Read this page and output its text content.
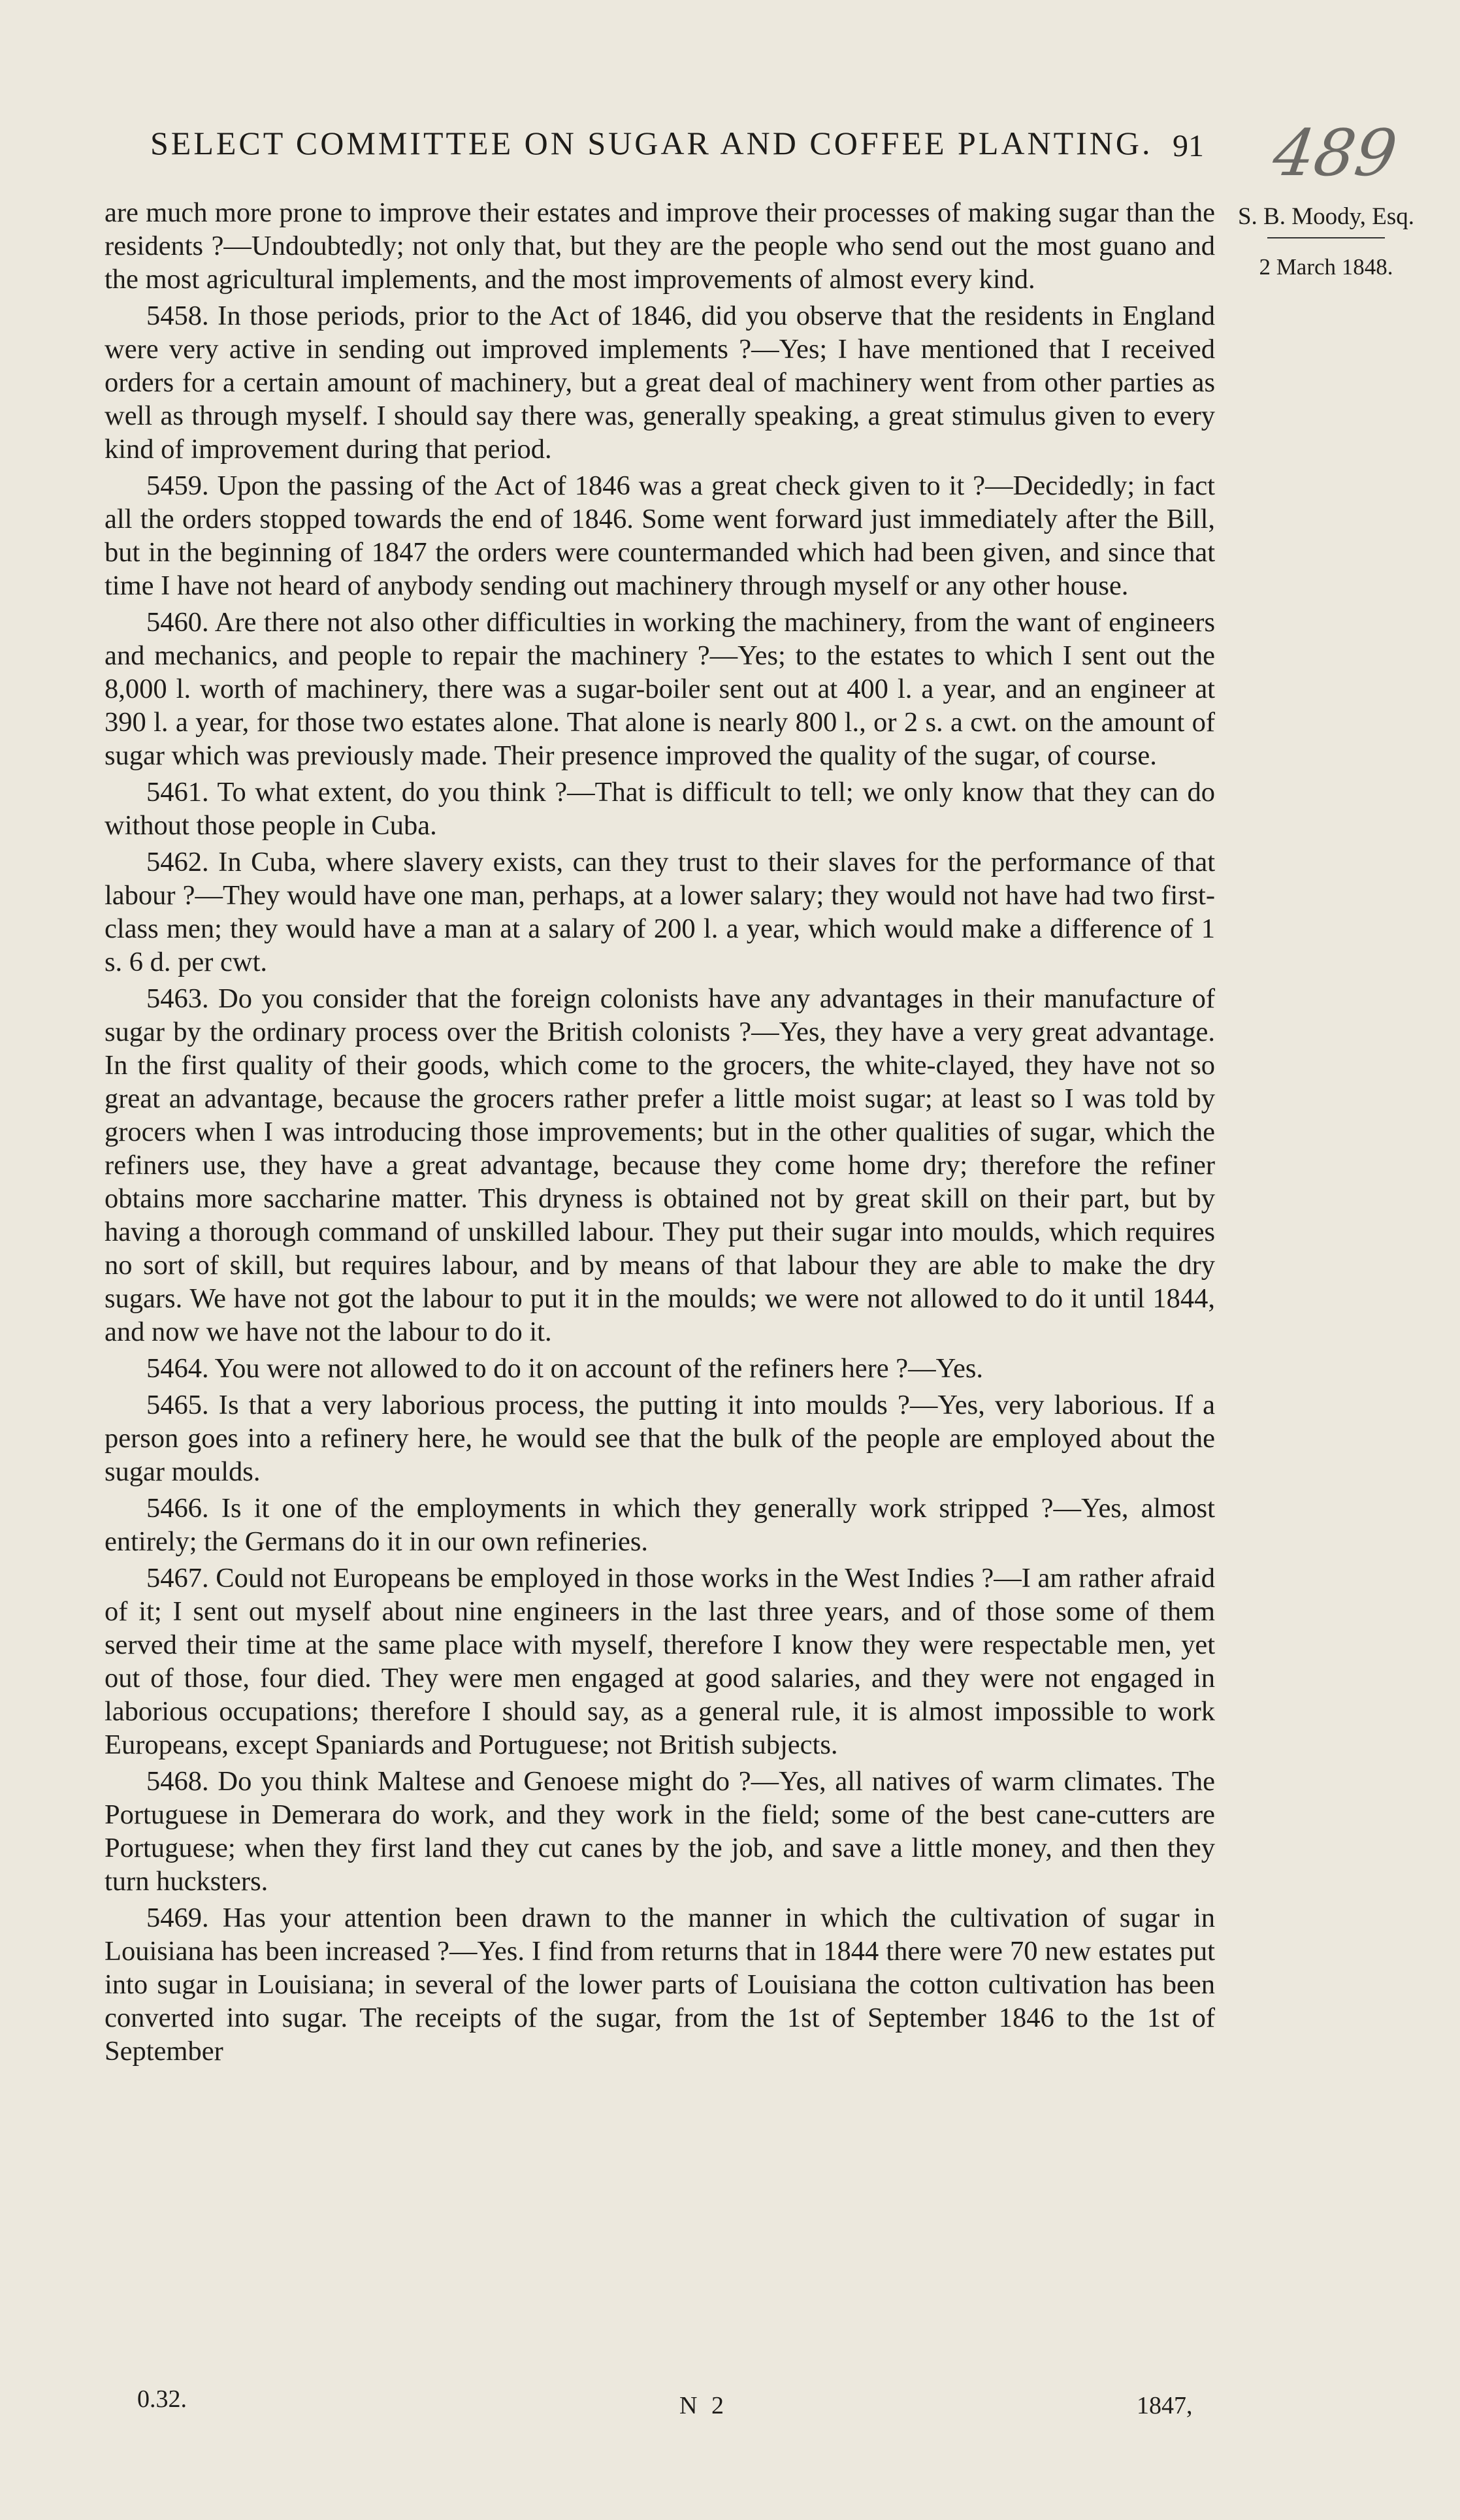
SELECT COMMITTEE ON SUGAR AND COFFEE PLANTING. 91 489
S. B. Moody, Esq.
2 March 1848.

are much more prone to improve their estates and improve their processes of making sugar than the residents ?—Undoubtedly; not only that, but they are the people who send out the most guano and the most agricultural implements, and the most improvements of almost every kind.

5458. In those periods, prior to the Act of 1846, did you observe that the residents in England were very active in sending out improved implements ?—Yes; I have mentioned that I received orders for a certain amount of machinery, but a great deal of machinery went from other parties as well as through myself. I should say there was, generally speaking, a great stimulus given to every kind of improvement during that period.

5459. Upon the passing of the Act of 1846 was a great check given to it ?—Decidedly; in fact all the orders stopped towards the end of 1846. Some went forward just immediately after the Bill, but in the beginning of 1847 the orders were countermanded which had been given, and since that time I have not heard of anybody sending out machinery through myself or any other house.

5460. Are there not also other difficulties in working the machinery, from the want of engineers and mechanics, and people to repair the machinery ?—Yes; to the estates to which I sent out the 8,000 l. worth of machinery, there was a sugar-boiler sent out at 400 l. a year, and an engineer at 390 l. a year, for those two estates alone. That alone is nearly 800 l., or 2 s. a cwt. on the amount of sugar which was previously made. Their presence improved the quality of the sugar, of course.

5461. To what extent, do you think ?—That is difficult to tell; we only know that they can do without those people in Cuba.

5462. In Cuba, where slavery exists, can they trust to their slaves for the performance of that labour ?—They would have one man, perhaps, at a lower salary; they would not have had two first-class men; they would have a man at a salary of 200 l. a year, which would make a difference of 1 s. 6 d. per cwt.

5463. Do you consider that the foreign colonists have any advantages in their manufacture of sugar by the ordinary process over the British colonists ?—Yes, they have a very great advantage. In the first quality of their goods, which come to the grocers, the white-clayed, they have not so great an advantage, because the grocers rather prefer a little moist sugar; at least so I was told by grocers when I was introducing those improvements; but in the other qualities of sugar, which the refiners use, they have a great advantage, because they come home dry; therefore the refiner obtains more saccharine matter. This dryness is obtained not by great skill on their part, but by having a thorough command of unskilled labour. They put their sugar into moulds, which requires no sort of skill, but requires labour, and by means of that labour they are able to make the dry sugars. We have not got the labour to put it in the moulds; we were not allowed to do it until 1844, and now we have not the labour to do it.

5464. You were not allowed to do it on account of the refiners here ?—Yes.

5465. Is that a very laborious process, the putting it into moulds ?—Yes, very laborious. If a person goes into a refinery here, he would see that the bulk of the people are employed about the sugar moulds.

5466. Is it one of the employments in which they generally work stripped ?—Yes, almost entirely; the Germans do it in our own refineries.

5467. Could not Europeans be employed in those works in the West Indies ?—I am rather afraid of it; I sent out myself about nine engineers in the last three years, and of those some of them served their time at the same place with myself, therefore I know they were respectable men, yet out of those, four died. They were men engaged at good salaries, and they were not engaged in laborious occupations; therefore I should say, as a general rule, it is almost impossible to work Europeans, except Spaniards and Portuguese; not British subjects.

5468. Do you think Maltese and Genoese might do ?—Yes, all natives of warm climates. The Portuguese in Demerara do work, and they work in the field; some of the best cane-cutters are Portuguese; when they first land they cut canes by the job, and save a little money, and then they turn hucksters.

5469. Has your attention been drawn to the manner in which the cultivation of sugar in Louisiana has been increased ?—Yes. I find from returns that in 1844 there were 70 new estates put into sugar in Louisiana; in several of the lower parts of Louisiana the cotton cultivation has been converted into sugar. The receipts of the sugar, from the 1st of September 1846 to the 1st of September

0.32.	N 2	1847,
